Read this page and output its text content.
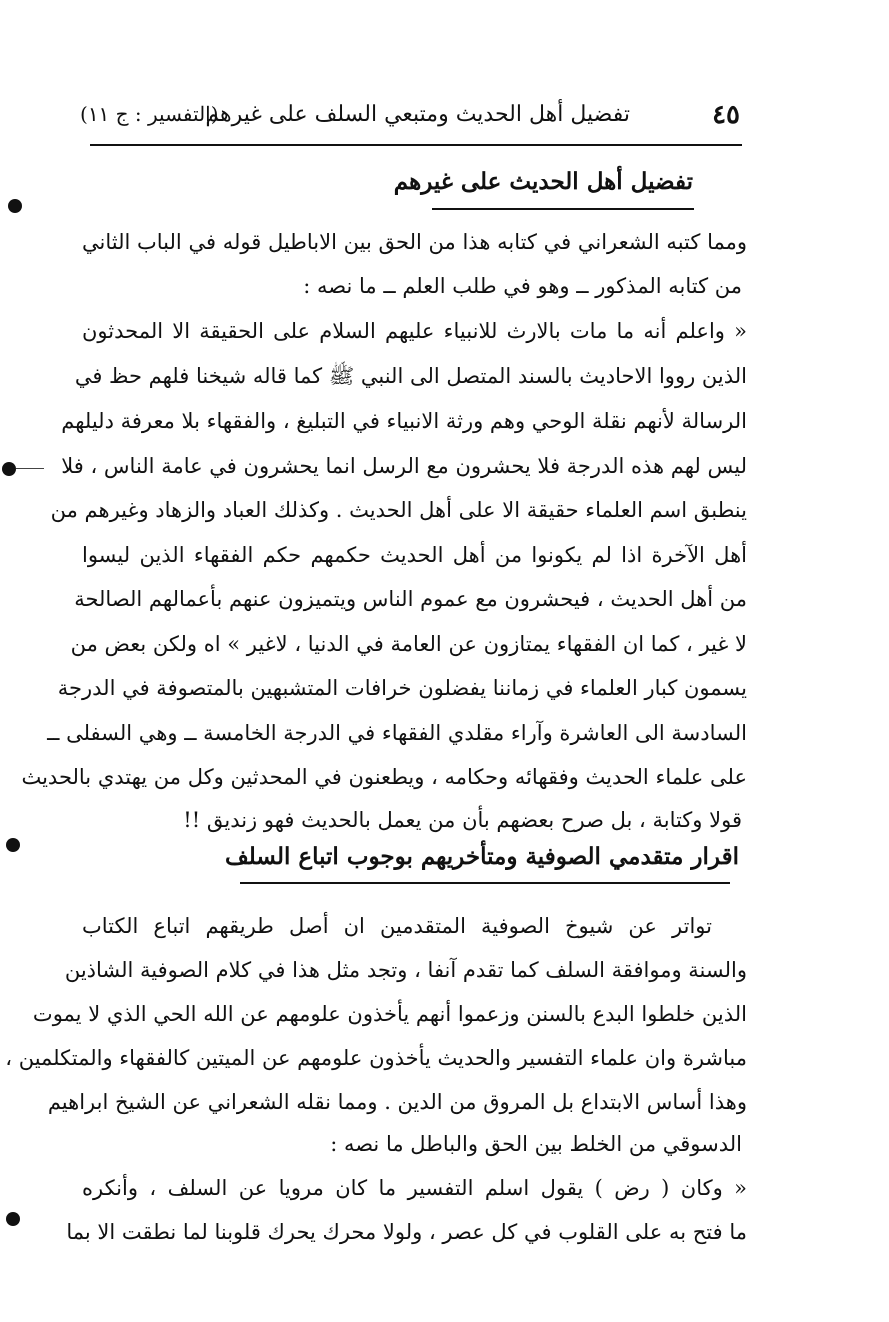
٤٥
تفضيل أهل الحديث ومتبعي السلف على غيرهم
(التفسير : ج ١١)
تفضيل أهل الحديث على غيرهم
ومما كتبه الشعراني في كتابه هذا من الحق بين الاباطيل قوله في الباب الثاني
من كتابه المذكور ــ وهو في طلب العلم ــ ما نصه :
« واعلم أنه ما مات بالارث للانبياء عليهم السلام على الحقيقة الا المحدثون
الذين رووا الاحاديث بالسند المتصل الى النبي ﷺ كما قاله شيخنا فلهم حظ في
الرسالة لأنهم نقلة الوحي وهم ورثة الانبياء في التبليغ ، والفقهاء بلا معرفة دليلهم
ليس لهم هذه الدرجة فلا يحشرون مع الرسل انما يحشرون في عامة الناس ، فلا
ينطبق اسم العلماء حقيقة الا على أهل الحديث . وكذلك العباد والزهاد وغيرهم من
أهل الآخرة اذا لم يكونوا من أهل الحديث حكمهم حكم الفقهاء الذين ليسوا
من أهل الحديث ، فيحشرون مع عموم الناس ويتميزون عنهم بأعمالهم الصالحة
لا غير ، كما ان الفقهاء يمتازون عن العامة في الدنيا ، لاغير » اه ولكن بعض من
يسمون كبار العلماء في زماننا يفضلون خرافات المتشبهين بالمتصوفة في الدرجة
السادسة الى العاشرة وآراء مقلدي الفقهاء في الدرجة الخامسة ــ وهي السفلى ــ
على علماء الحديث وفقهائه وحكامه ، ويطعنون في المحدثين وكل من يهتدي بالحديث
قولا وكتابة ، بل صرح بعضهم بأن من يعمل بالحديث فهو زنديق !!
اقرار متقدمي الصوفية ومتأخريهم بوجوب اتباع السلف
تواتر عن شيوخ الصوفية المتقدمين ان أصل طريقهم اتباع الكتاب
والسنة وموافقة السلف كما تقدم آنفا ، وتجد مثل هذا في كلام الصوفية الشاذين
الذين خلطوا البدع بالسنن وزعموا أنهم يأخذون علومهم عن الله الحي الذي لا يموت
مباشرة وان علماء التفسير والحديث يأخذون علومهم عن الميتين كالفقهاء والمتكلمين ،
وهذا أساس الابتداع بل المروق من الدين . ومما نقله الشعراني عن الشيخ ابراهيم
الدسوقي من الخلط بين الحق والباطل ما نصه :
« وكان ( رض ) يقول اسلم التفسير ما كان مرويا عن السلف ، وأنكره
ما فتح به على القلوب في كل عصر ، ولولا محرك يحرك قلوبنا لما نطقت الا بما
